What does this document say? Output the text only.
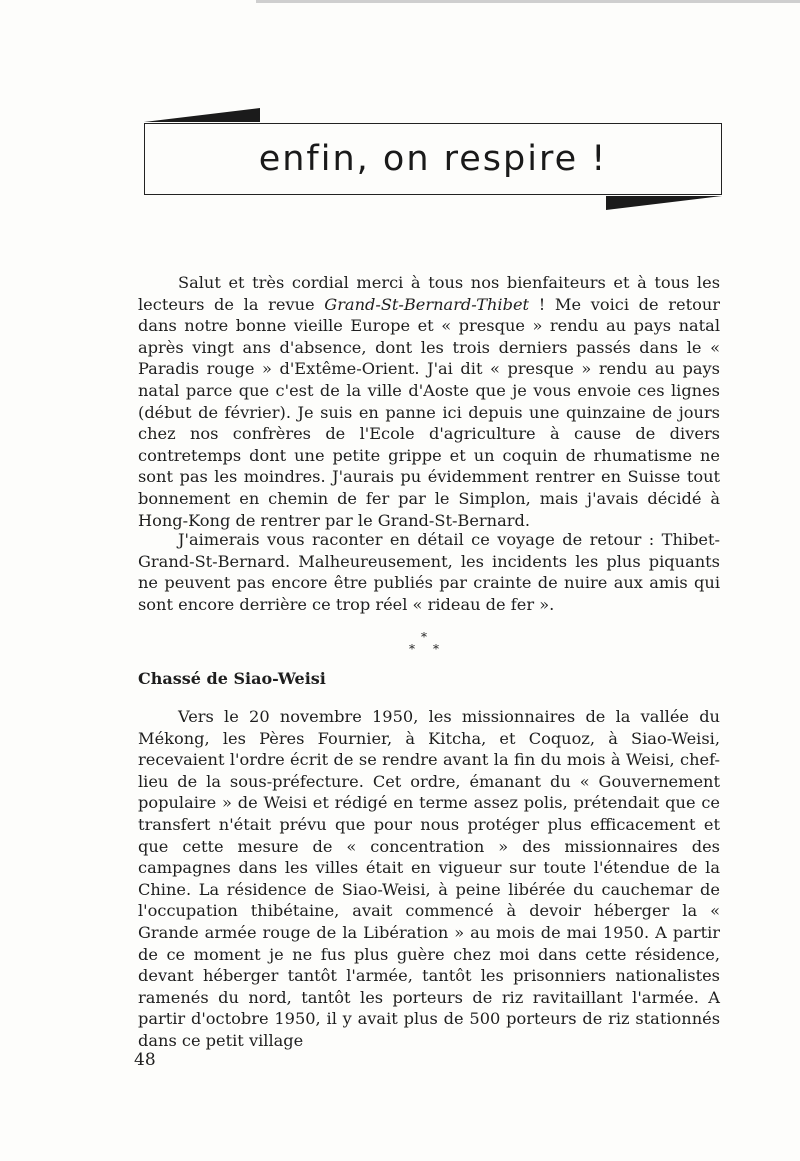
enfin, on respire !

Salut et très cordial merci à tous nos bienfaiteurs et à tous les lecteurs de la revue Grand-St-Bernard-Thibet ! Me voici de retour dans notre bonne vieille Europe et « presque » rendu au pays natal après vingt ans d'absence, dont les trois derniers passés dans le « Paradis rouge » d'Extême-Orient. J'ai dit « presque » rendu au pays natal parce que c'est de la ville d'Aoste que je vous envoie ces lignes (début de février). Je suis en panne ici depuis une quinzaine de jours chez nos confrères de l'Ecole d'agriculture à cause de divers contretemps dont une petite grippe et un coquin de rhumatisme ne sont pas les moindres. J'aurais pu évidemment rentrer en Suisse tout bonnement en chemin de fer par le Simplon, mais j'avais décidé à Hong-Kong de rentrer par le Grand-St-Bernard.

J'aimerais vous raconter en détail ce voyage de retour : Thibet-Grand-St-Bernard. Malheureusement, les incidents les plus piquants ne peuvent pas encore être publiés par crainte de nuire aux amis qui sont encore derrière ce trop réel « rideau de fer ».

*
* *
Chassé de Siao-Weisi

Vers le 20 novembre 1950, les missionnaires de la vallée du Mékong, les Pères Fournier, à Kitcha, et Coquoz, à Siao-Weisi, recevaient l'ordre écrit de se rendre avant la fin du mois à Weisi, chef-lieu de la sous-préfecture. Cet ordre, émanant du « Gouvernement populaire » de Weisi et rédigé en terme assez polis, prétendait que ce transfert n'était prévu que pour nous protéger plus efficacement et que cette mesure de « concentration » des missionnaires des campagnes dans les villes était en vigueur sur toute l'étendue de la Chine. La résidence de Siao-Weisi, à peine libérée du cauchemar de l'occupation thibétaine, avait commencé à devoir héberger la « Grande armée rouge de la Libération » au mois de mai 1950. A partir de ce moment je ne fus plus guère chez moi dans cette résidence, devant héberger tantôt l'armée, tantôt les prisonniers nationalistes ramenés du nord, tantôt les porteurs de riz ravitaillant l'armée. A partir d'octobre 1950, il y avait plus de 500 porteurs de riz stationnés dans ce petit village

48
